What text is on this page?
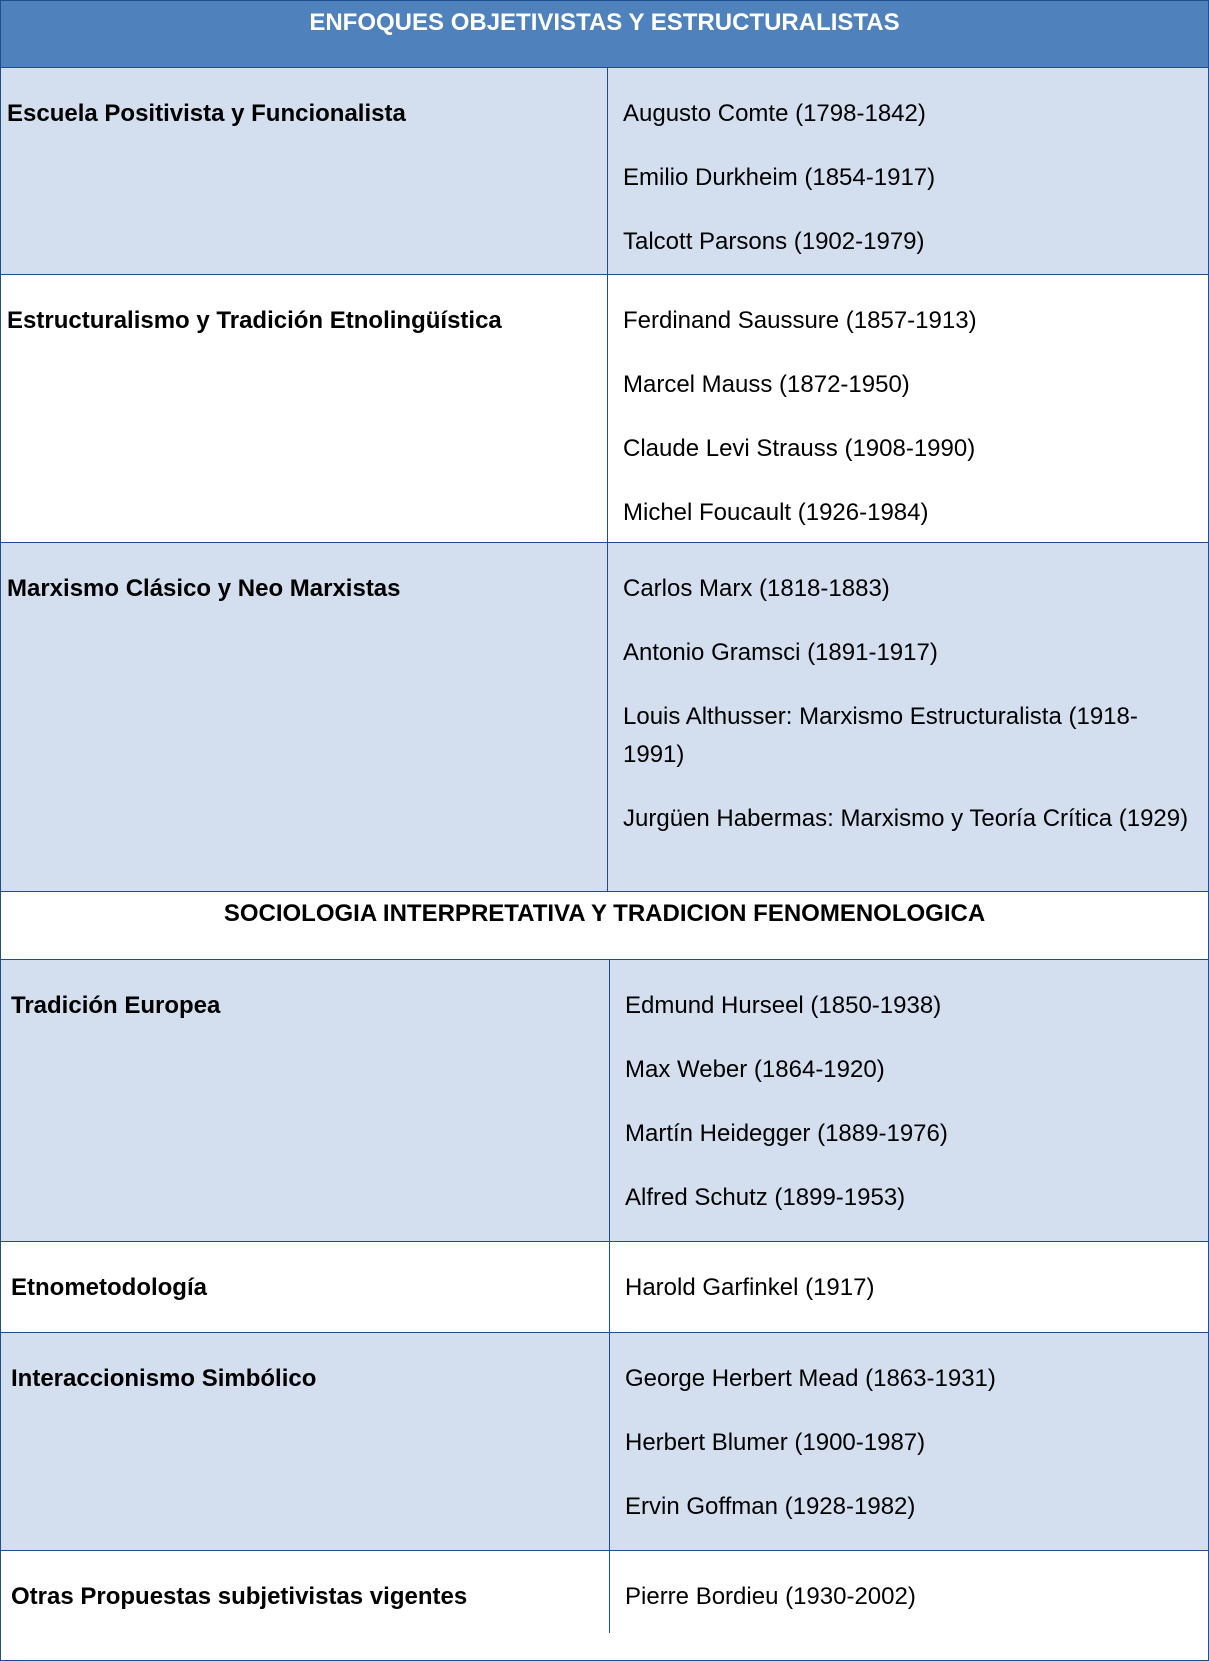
ENFOQUES OBJETIVISTAS Y ESTRUCTURALISTAS
Escuela Positivista y Funcionalista	Augusto Comte (1798-1842)
Emilio Durkheim (1854-1917)
Talcott Parsons (1902-1979)
Estructuralismo y Tradición Etnolingüística	Ferdinand Saussure (1857-1913)
Marcel Mauss (1872-1950)
Claude Levi Strauss (1908-1990)
Michel Foucault (1926-1984)
Marxismo Clásico y Neo Marxistas	Carlos Marx (1818-1883)
Antonio Gramsci (1891-1917)
Louis Althusser: Marxismo Estructuralista (1918-1991)
Jurgüen Habermas: Marxismo y Teoría Crítica (1929)
SOCIOLOGIA INTERPRETATIVA Y TRADICION FENOMENOLOGICA
Tradición Europea	Edmund Hurseel (1850-1938)
Max Weber (1864-1920)
Martín Heidegger (1889-1976)
Alfred Schutz (1899-1953)
Etnometodología	Harold Garfinkel (1917)
Interaccionismo Simbólico	George Herbert Mead (1863-1931)
Herbert Blumer (1900-1987)
Ervin Goffman (1928-1982)
Otras Propuestas subjetivistas vigentes	Pierre Bordieu (1930-2002)
